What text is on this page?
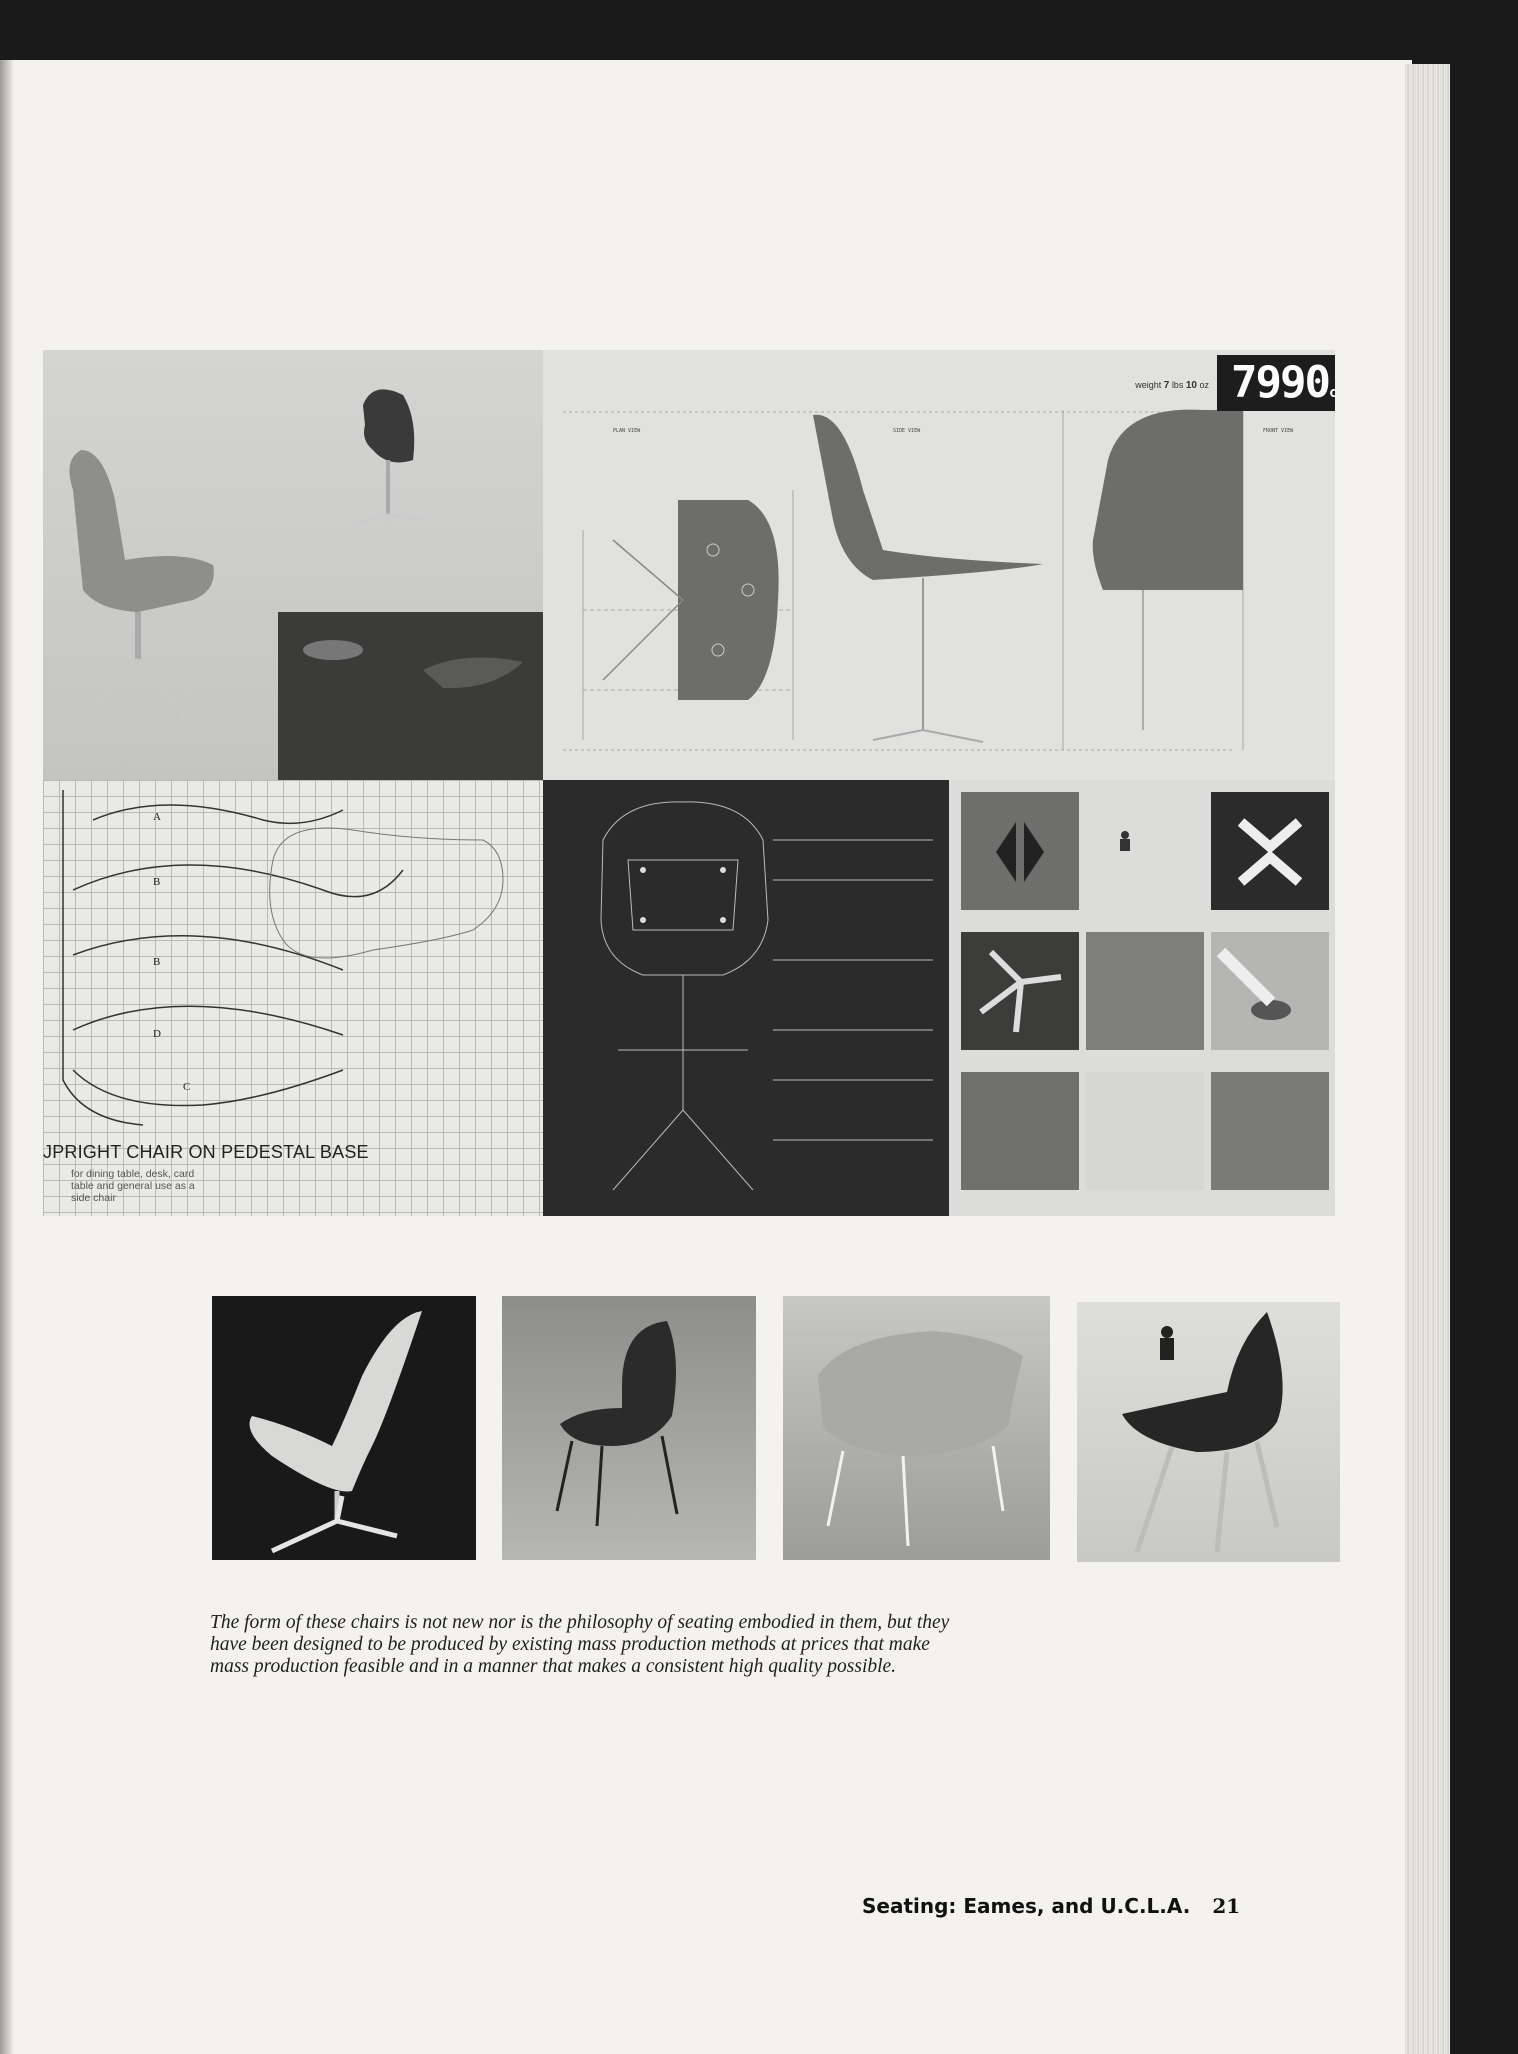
PLAN VIEW	SIDE VIEW	FRONT VIEW
weight 7 lbs 10 oz 7990c
A
B
B
D
C
JPRIGHT CHAIR ON PEDESTAL BASE
for dining table, desk, card table and general use as a side chair

The form of these chairs is not new nor is the philosophy of seating embodied in them, but they have been designed to be produced by existing mass production methods at prices that make mass production feasible and in a manner that makes a consistent high quality possible.

Seating: Eames, and U.C.L.A. 21
